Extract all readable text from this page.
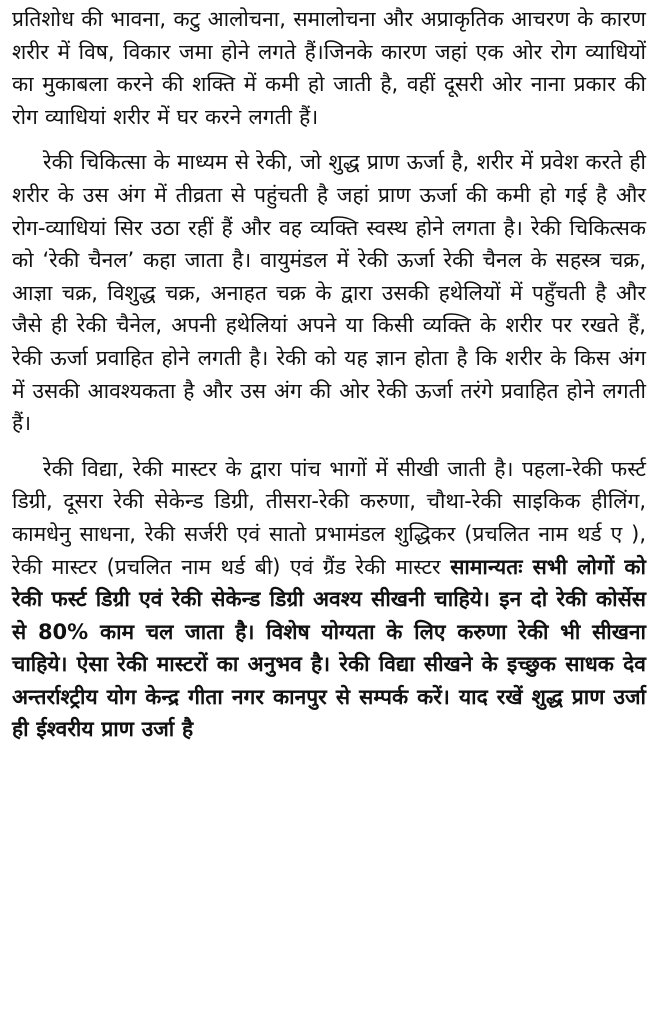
प्रतिशोध की भावना, कटु आलोचना, समालोचना और अप्राकृतिक आचरण के कारण शरीर में विष, विकार जमा होने लगते हैं।जिनके कारण जहां एक ओर रोग व्याधियों का मुकाबला करने की शक्ति में कमी हो जाती है, वहीं दूसरी ओर नाना प्रकार की रोग व्याधियां शरीर में घर करने लगती हैं।

रेकी चिकित्सा के माध्यम से रेकी, जो शुद्ध प्राण ऊर्जा है, शरीर में प्रवेश करते ही शरीर के उस अंग में तीव्रता से पहुंचती है जहां प्राण ऊर्जा की कमी हो गई है और रोग-व्याधियां सिर उठा रहीं हैं और वह व्यक्ति स्वस्थ होने लगता है। रेकी चिकित्सक को ‘रेकी चैनल’ कहा जाता है। वायुमंडल में रेकी ऊर्जा रेकी चैनल के सहस्त्र चक्र, आज्ञा चक्र, विशुद्ध चक्र, अनाहत चक्र के द्वारा उसकी हथेलियों में पहुँचती है और जैसे ही रेकी चैनेल, अपनी हथेलियां अपने या किसी व्यक्ति के शरीर पर रखते हैं, रेकी ऊर्जा प्रवाहित होने लगती है। रेकी को यह ज्ञान होता है कि शरीर के किस अंग में उसकी आवश्यकता है और उस अंग की ओर रेकी ऊर्जा तरंगे प्रवाहित होने लगती हैं।

रेकी विद्या, रेकी मास्टर के द्वारा पांच भागों में सीखी जाती है। पहला-रेकी फर्स्ट डिग्री, दूसरा रेकी सेकेन्ड डिग्री, तीसरा-रेकी करुणा, चौथा-रेकी साइकिक हीलिंग, कामधेनु साधना, रेकी सर्जरी एवं सातो प्रभामंडल शुद्धिकर (प्रचलित नाम थर्ड ए ), रेकी मास्टर (प्रचलित नाम थर्ड बी) एवं ग्रैंड रेकी मास्टर सामान्यतः सभी लोगों को रेकी फर्स्ट डिग्री एवं रेकी सेकेन्ड डिग्री अवश्य सीखनी चाहिये। इन दो रेकी कोर्सेस से 80% काम चल जाता है। विशेष योग्यता के लिए करुणा रेकी भी सीखना चाहिये। ऐसा रेकी मास्टरों का अनुभव है। रेकी विद्या सीखने के इच्छुक साधक देव अन्तर्राश्ट्रीय योग केन्द्र गीता नगर कानपुर से सम्पर्क करें। याद रखें शुद्ध प्राण उर्जा ही ईश्वरीय प्राण उर्जा है
